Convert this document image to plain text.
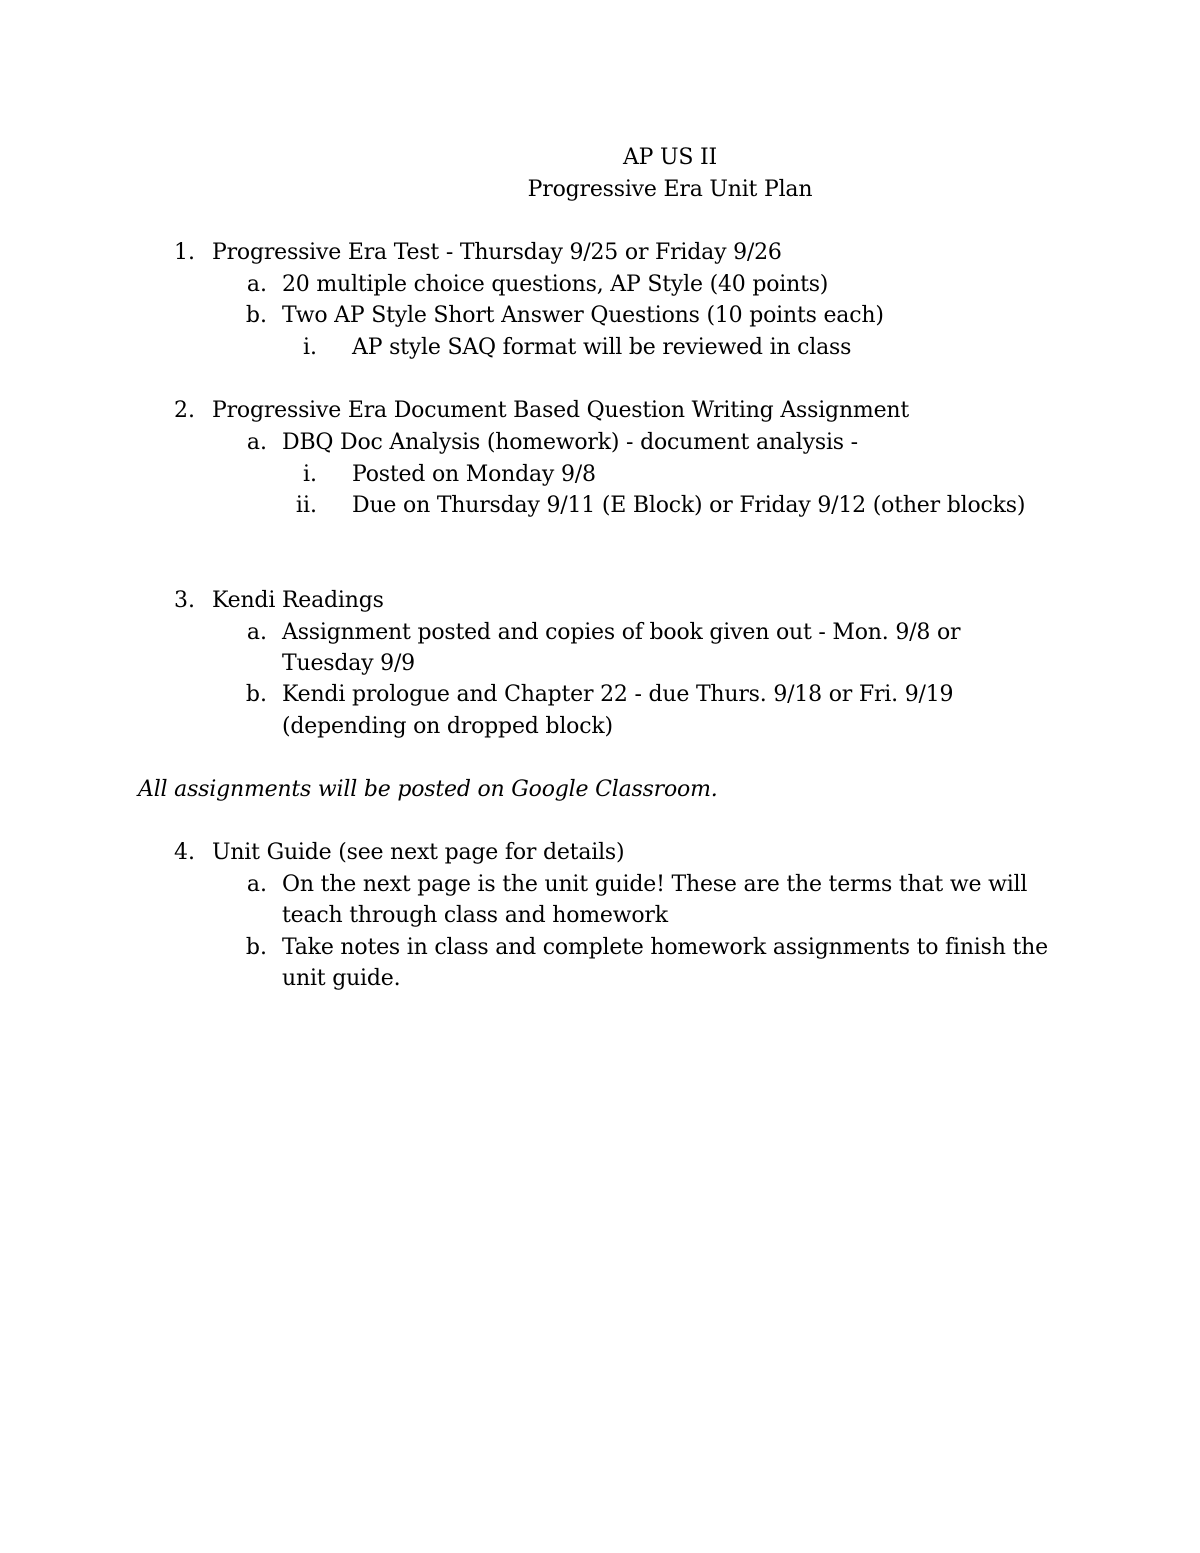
AP US II
Progressive Era Unit Plan
1. Progressive Era Test - Thursday 9/25 or Friday 9/26
a. 20 multiple choice questions, AP Style (40 points)
b. Two AP Style Short Answer Questions (10 points each)
i. AP style SAQ format will be reviewed in class
2. Progressive Era Document Based Question Writing Assignment
a. DBQ Doc Analysis (homework) - document analysis -
i. Posted on Monday 9/8
ii. Due on Thursday 9/11 (E Block) or Friday 9/12 (other blocks)
3. Kendi Readings
a. Assignment posted and copies of book given out - Mon. 9/8 or
Tuesday 9/9
b. Kendi prologue and Chapter 22 - due Thurs. 9/18 or Fri. 9/19
(depending on dropped block)
All assignments will be posted on Google Classroom.
4. Unit Guide (see next page for details)
a. On the next page is the unit guide! These are the terms that we will
teach through class and homework
b. Take notes in class and complete homework assignments to finish the
unit guide.
